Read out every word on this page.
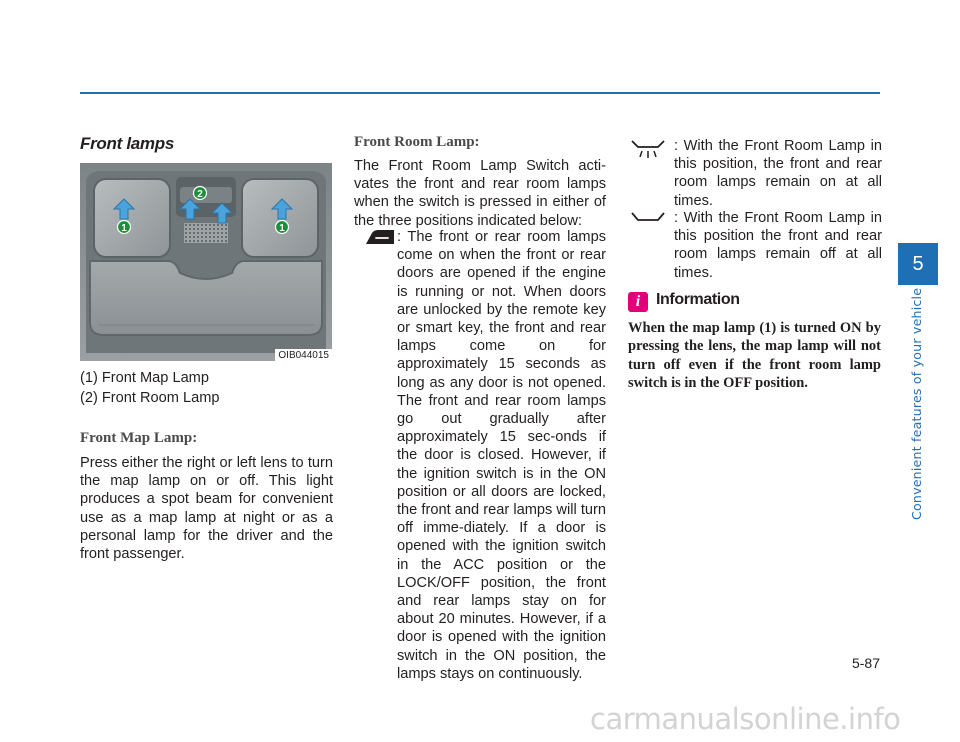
Front lamps
1
2
1
OIB044015
(1) Front Map Lamp
(2) Front Room Lamp
Front Map Lamp:
Press either the right or left lens to turn the map lamp on or off. This light produces a spot beam for convenient use as a map lamp at night or as a personal lamp for the driver and the front passenger.
Front Room Lamp:
The Front Room Lamp Switch acti-vates the front and rear room lamps when the switch is pressed in either of the three positions indicated below:
: The front or rear room lamps come on when the front or rear doors are opened if the engine is running or not. When doors are unlocked by the remote key or smart key, the front and rear lamps come on for approximately 15 seconds as long as any door is not opened. The front and rear room lamps go out gradually after approximately 15 sec-onds if the door is closed. However, if the ignition switch is in the ON position or all doors are locked, the front and rear lamps will turn off imme-diately. If a door is opened with the ignition switch in the ACC position or the LOCK/OFF position, the front and rear lamps stay on for about 20 minutes. However, if a door is opened with the ignition switch in the ON position, the lamps stays on continuously.
: With the Front Room Lamp in this position, the front and rear room lamps remain on at all times.
: With the Front Room Lamp in this position the front and rear room lamps remain off at all times.
i Information
When the map lamp (1) is turned ON by pressing the lens, the map lamp will not turn off even if the front room lamp switch is in the OFF position.
5
Convenient features of your vehicle
5-87
carmanualsonline.info
